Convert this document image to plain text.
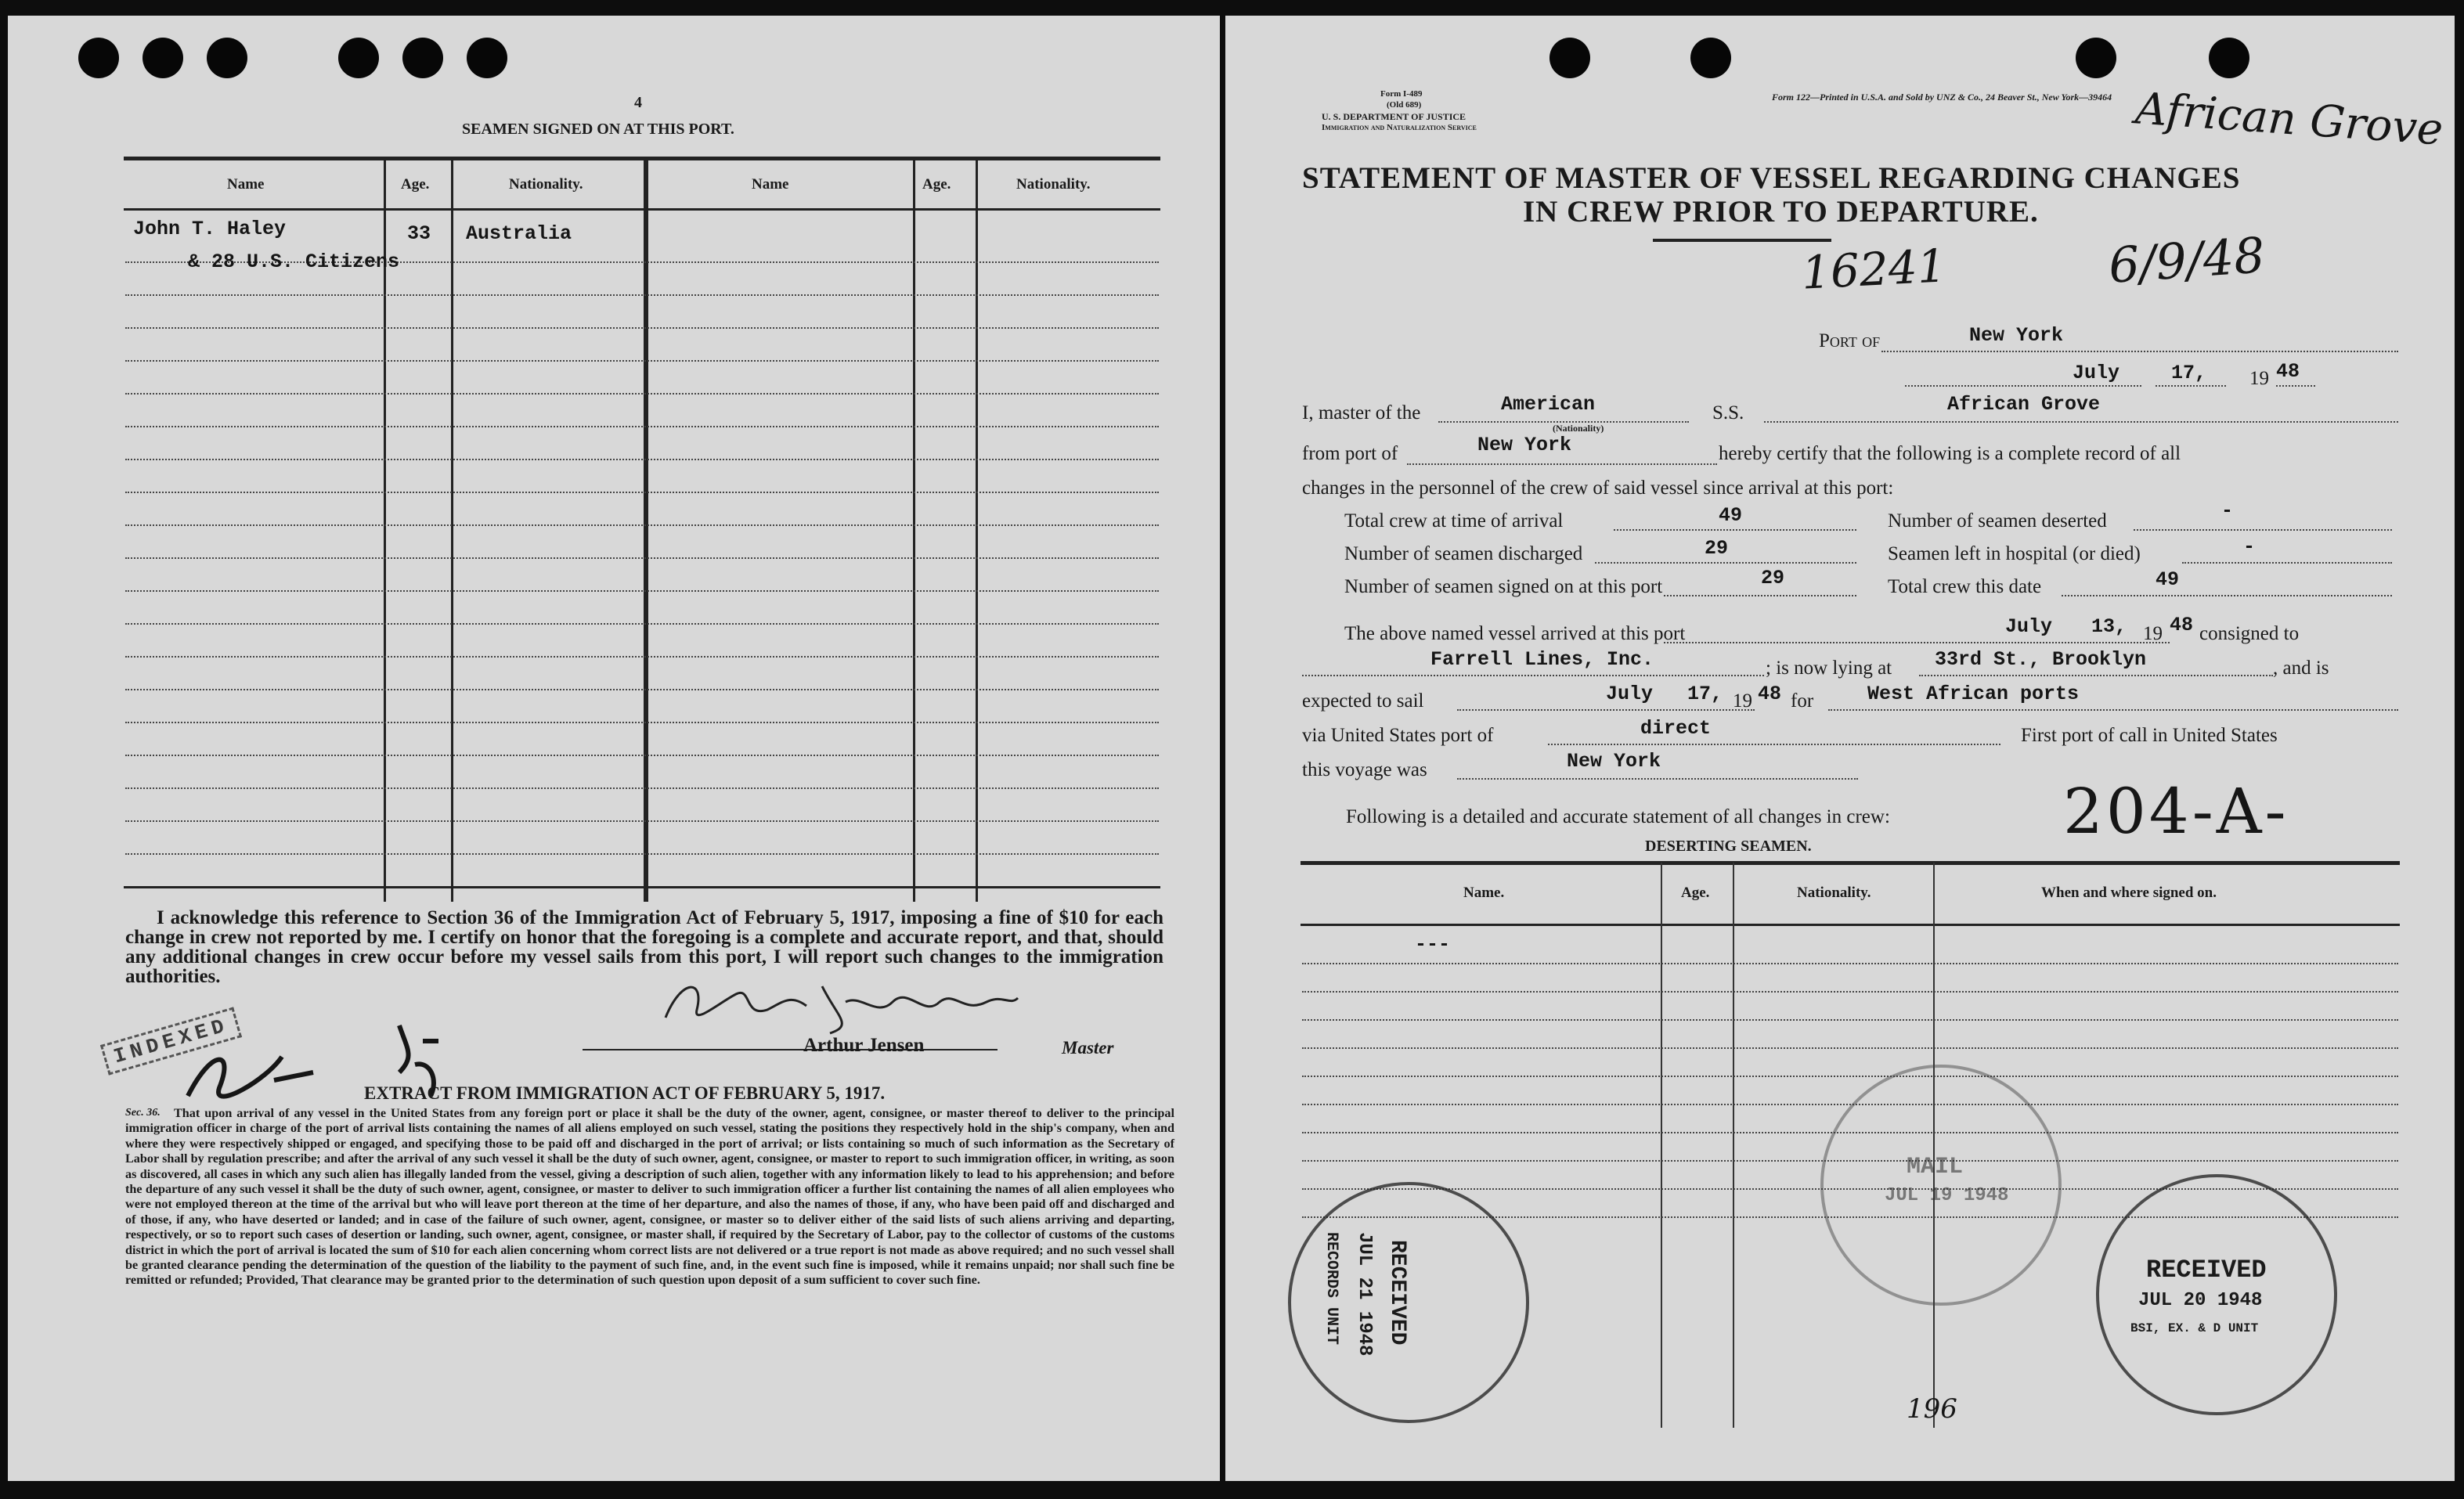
4
SEAMEN SIGNED ON AT THIS PORT.
Name	Age.	Nationality.	Name	Age.	Nationality.
John T. Haley	33 Australia
& 28 U.S. Citizens
I acknowledge this reference to Section 36 of the Immigration Act of February 5, 1917, imposing a fine of $10 for each change in crew not reported by me. I certify on honor that the foregoing is a complete and accurate report, and that, should any additional changes in crew occur before my vessel sails from this port, I will report such changes to the immigration authorities.
Arthur Jensen	Master
INDEXED
EXTRACT FROM IMMIGRATION ACT OF FEBRUARY 5, 1917.
Sec. 36.	That upon arrival of any vessel in the United States from any foreign port or place it shall be the duty of the owner, agent, consignee, or master thereof to deliver to the principal immigration officer in charge of the port of arrival lists containing the names of all aliens employed on such vessel, stating the positions they respectively hold in the ship's company, when and where they were respectively shipped or engaged, and specifying those to be paid off and discharged in the port of arrival; or lists containing so much of such information as the Secretary of Labor shall by regulation prescribe; and after the arrival of any such vessel it shall be the duty of such owner, agent, consignee, or master to report to such immigration officer, in writing, as soon as discovered, all cases in which any such alien has illegally landed from the vessel, giving a description of such alien, together with any information likely to lead to his apprehension; and before the departure of any such vessel it shall be the duty of such owner, agent, consignee, or master to deliver to such immigration officer a further list containing the names of all alien employees who were not employed thereon at the time of the arrival but who will leave port thereon at the time of her departure, and also the names of those, if any, who have been paid off and discharged and of those, if any, who have deserted or landed; and in case of the failure of such owner, agent, consignee, or master so to deliver either of the said lists of such aliens arriving and departing, respectively, or so to report such cases of desertion or landing, such owner, agent, consignee, or master shall, if required by the Secretary of Labor, pay to the collector of customs of the customs district in which the port of arrival is located the sum of $10 for each alien concerning whom correct lists are not delivered or a true report is not made as above required; and no such vessel shall be granted clearance pending the determination of the question of the liability to the payment of such fine, and, in the event such fine is imposed, while it remains unpaid; nor shall such fine be remitted or refunded; Provided, That clearance may be granted prior to the determination of such question upon deposit of a sum sufficient to cover such fine.
Form I-489
(Old 689)
U. S. DEPARTMENT OF JUSTICE
Immigration and Naturalization Service
Form 122—Printed in U.S.A. and Sold by UNZ & Co., 24 Beaver St., New York—39464 African Grove
STATEMENT OF MASTER OF VESSEL REGARDING CHANGES
IN CREW PRIOR TO DEPARTURE.
16241	6/9/48
Port of	New York
July	17, 19 48
I, master of the	American
(Nationality)
S.S.	African Grove
from port of	New York	hereby certify that the following is a complete record of all
changes in the personnel of the crew of said vessel since arrival at this port:
Total crew at time of arrival	49	Number of seamen deserted	-
Number of seamen discharged	29	Seamen left in hospital (or died)	-
Number of seamen signed on at this port	29	Total crew this date	49
The above named vessel arrived at this port	July 13, 19 48 consigned to
Farrell Lines, Inc.	; is now lying at 33rd St., Brooklyn	, and is
expected to sail	July 17, 19 48 for	West African ports
via United States port of	direct	First port of call in United States
this voyage was	New York
Following is a detailed and accurate statement of all changes in crew:	204-A-
DESERTING SEAMEN.
Name.	Age.	Nationality.	When and where signed on.
---
MAIL
JUL 19 1948
RECEIVED
JUL 21 1948
RECORDS UNIT	RECEIVED
JUL 20 1948
BSI, EX. & D UNIT
196
